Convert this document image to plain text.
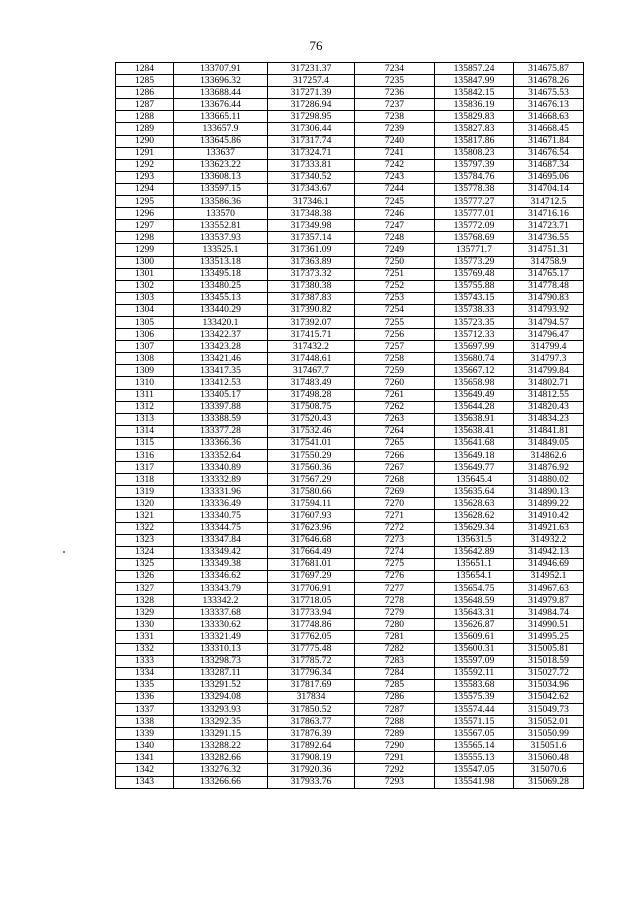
76
1284	133707.91	317231.37	7234	135857.24	314675.87
1285	133696.32	317257.4	7235	135847.99	314678.26
1286	133688.44	317271.39	7236	135842.15	314675.53
1287	133676.44	317286.94	7237	135836.19	314676.13
1288	133665.11	317298.95	7238	135829.83	314668.63
1289	133657.9	317306.44	7239	135827.83	314668.45
1290	133645.86	317317.74	7240	135817.86	314671.84
1291	133637	317324.71	7241	135808.23	314676.54
1292	133623.22	317333.81	7242	135797.39	314687.34
1293	133608.13	317340.52	7243	135784.76	314695.06
1294	133597.15	317343.67	7244	135778.38	314704.14
1295	133586.36	317346.1	7245	135777.27	314712.5
1296	133570	317348.38	7246	135777.01	314716.16
1297	133552.81	317349.98	7247	135772.09	314723.71
1298	133537.93	317357.14	7248	135768.69	314736.55
1299	133525.1	317361.09	7249	135771.7	314751.31
1300	133513.18	317363.89	7250	135773.29	314758.9
1301	133495.18	317373.32	7251	135769.48	314765.17
1302	133480.25	317380.38	7252	135755.88	314778.48
1303	133455.13	317387.83	7253	135743.15	314790.83
1304	133440.29	317390.82	7254	135738.33	314793.92
1305	133420.1	317392.07	7255	135723.35	314794.57
1306	133422.37	317415.71	7256	135712.33	314796.47
1307	133423.28	317432.2	7257	135697.99	314799.4
1308	133421.46	317448.61	7258	135680.74	314797.3
1309	133417.35	317467.7	7259	135667.12	314799.84
1310	133412.53	317483.49	7260	135658.98	314802.71
1311	133405.17	317498.28	7261	135649.49	314812.55
1312	133397.88	317508.75	7262	135644.28	314820.43
1313	133388.59	317520.43	7263	135638.91	314834.23
1314	133377.28	317532.46	7264	135638.41	314841.81
1315	133366.36	317541.01	7265	135641.68	314849.05
1316	133352.64	317550.29	7266	135649.18	314862.6
1317	133340.89	317560.36	7267	135649.77	314876.92
1318	133332.89	317567.29	7268	135645.4	314880.02
1319	133331.96	317580.66	7269	135635.64	314890.13
1320	133336.49	317594.11	7270	135628.63	314899.22
1321	133340.75	317607.93	7271	135628.62	314910.42
1322	133344.75	317623.96	7272	135629.34	314921.63
1323	133347.84	317646.68	7273	135631.5	314932.2
1324	133349.42	317664.49	7274	135642.89	314942.13
1325	133349.38	317681.01	7275	135651.1	314946.69
1326	133346.62	317697.29	7276	135654.1	314952.1
1327	133343.79	317706.91	7277	135654.75	314967.63
1328	133342.2	317718.05	7278	135648.59	314979.87
1329	133337.68	317733.94	7279	135643.31	314984.74
1330	133330.62	317748.86	7280	135626.87	314990.51
1331	133321.49	317762.05	7281	135609.61	314995.25
1332	133310.13	317775.48	7282	135600.31	315005.81
1333	133298.73	317785.72	7283	135597.09	315018.59
1334	133287.11	317796.34	7284	135592.11	315027.72
1335	133291.52	317817.69	7285	135583.68	315034.96
1336	133294.08	317834	7286	135575.39	315042.62
1337	133293.93	317850.52	7287	135574.44	315049.73
1338	133292.35	317863.77	7288	135571.15	315052.01
1339	133291.15	317876.39	7289	135567.05	315050.99
1340	133288.22	317892.64	7290	135565.14	315051.6
1341	133282.66	317908.19	7291	135555.13	315060.48
1342	133276.32	317920.36	7292	135547.05	315070.6
1343	133266.66	317933.76	7293	135541.98	315069.28
